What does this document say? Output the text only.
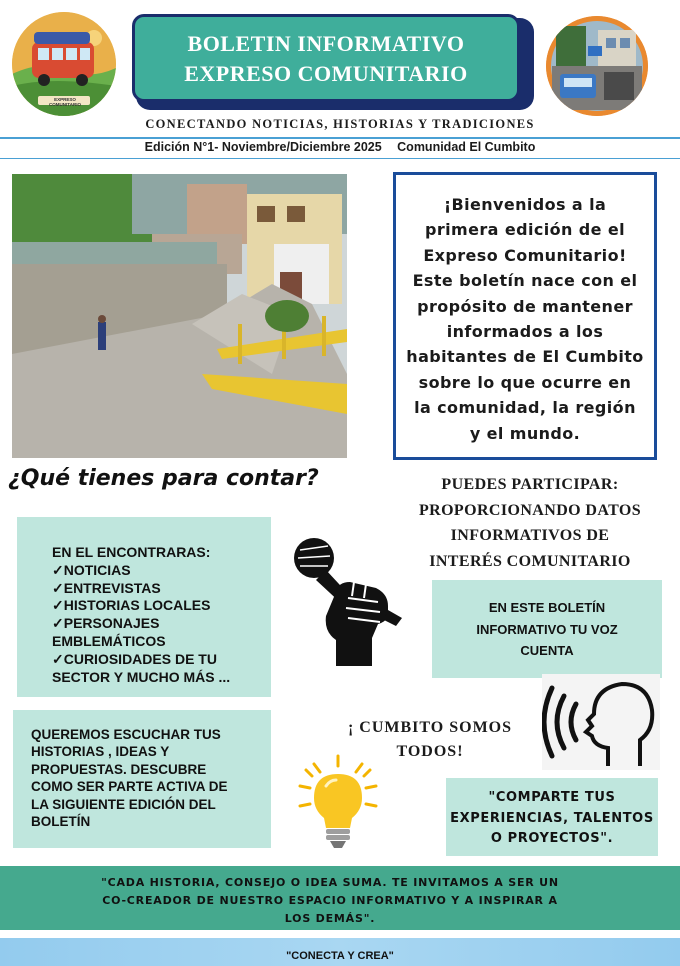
EXPRESO COMUNITARIO
BOLETIN INFORMATIVO
EXPRESO COMUNITARIO
CONECTANDO NOTICIAS, HISTORIAS Y TRADICIONES
Edición N°1- Noviembre/Diciembre 2025 Comunidad El Cumbito
¡Bienvenidos a la
primera edición de el
Expreso Comunitario!
Este boletín nace con el
propósito de mantener
informados a los
habitantes de El Cumbito
sobre lo que ocurre en
la comunidad, la región
y el mundo.
¿Qué tienes para contar?	PUEDES PARTICIPAR:
PROPORCIONANDO DATOS
INFORMATIVOS DE
INTERÉS COMUNITARIO
EN EL ENCONTRARAS:
✓NOTICIAS
✓ENTREVISTAS
✓HISTORIAS LOCALES
✓PERSONAJES
EMBLEMÁTICOS
✓CURIOSIDADES DE TU
SECTOR Y MUCHO MÁS ...
EN ESTE BOLETÍN
INFORMATIVO TU VOZ
CUENTA
QUEREMOS ESCUCHAR TUS
HISTORIAS , IDEAS Y
PROPUESTAS. DESCUBRE
COMO SER PARTE ACTIVA DE
LA SIGUIENTE EDICIÓN DEL
BOLETÍN
¡ CUMBITO SOMOS
TODOS!
"COMPARTE TUS
EXPERIENCIAS, TALENTOS
O PROYECTOS".
"CADA HISTORIA, CONSEJO O IDEA SUMA. TE INVITAMOS A SER UN
CO-CREADOR DE NUESTRO ESPACIO INFORMATIVO Y A INSPIRAR A
LOS DEMÁS".
"CONECTA Y CREA"
